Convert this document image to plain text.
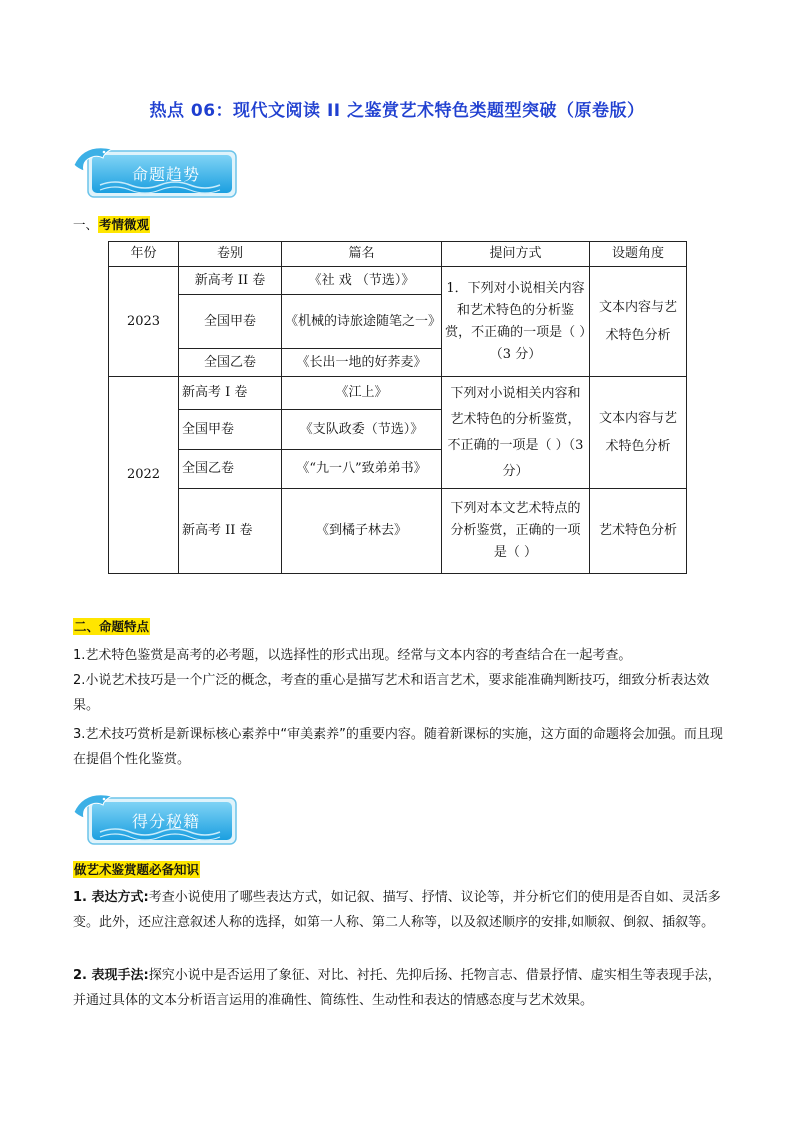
热点 06：现代文阅读 II 之鉴赏艺术特色类题型突破（原卷版）
命题趋势
一、考情微观
年份	卷别	篇名	提问方式	设题角度
2023	新高考 II 卷	《社 戏 （节选）》	1．下列对小说相关内容和艺术特色的分析鉴赏，不正确的一项是（ ）（3 分）	文本内容与艺术特色分析
	全国甲卷	《机械的诗旅途随笔之一》		
	全国乙卷	《长出一地的好荞麦》		
2022	新高考 I 卷	《江上》	下列对小说相关内容和艺术特色的分析鉴赏，不正确的一项是（ ）（3 分）	文本内容与艺术特色分析
	全国甲卷	《支队政委（节选）》		
	全国乙卷	《“九一八”致弟弟书》		
	新高考 II 卷	《到橘子林去》	下列对本文艺术特点的分析鉴赏，正确的一项是（ ）	艺术特色分析
二、命题特点
1.艺术特色鉴赏是高考的必考题，以选择性的形式出现。经常与文本内容的考查结合在一起考查。
2.小说艺术技巧是一个广泛的概念，考查的重心是描写艺术和语言艺术，要求能准确判断技巧，细致分析表达效果。
3.艺术技巧赏析是新课标核心素养中“审美素养”的重要内容。随着新课标的实施，这方面的命题将会加强。而且现在提倡个性化鉴赏。
得分秘籍
做艺术鉴赏题必备知识
1. 表达方式:考查小说使用了哪些表达方式，如记叙、描写、抒情、议论等，并分析它们的使用是否自如、灵活多变。此外，还应注意叙述人称的选择，如第一人称、第二人称等，以及叙述顺序的安排,如顺叙、倒叙、插叙等。
2. 表现手法:探究小说中是否运用了象征、对比、衬托、先抑后扬、托物言志、借景抒情、虚实相生等表现手法，并通过具体的文本分析语言运用的准确性、简练性、生动性和表达的情感态度与艺术效果。
